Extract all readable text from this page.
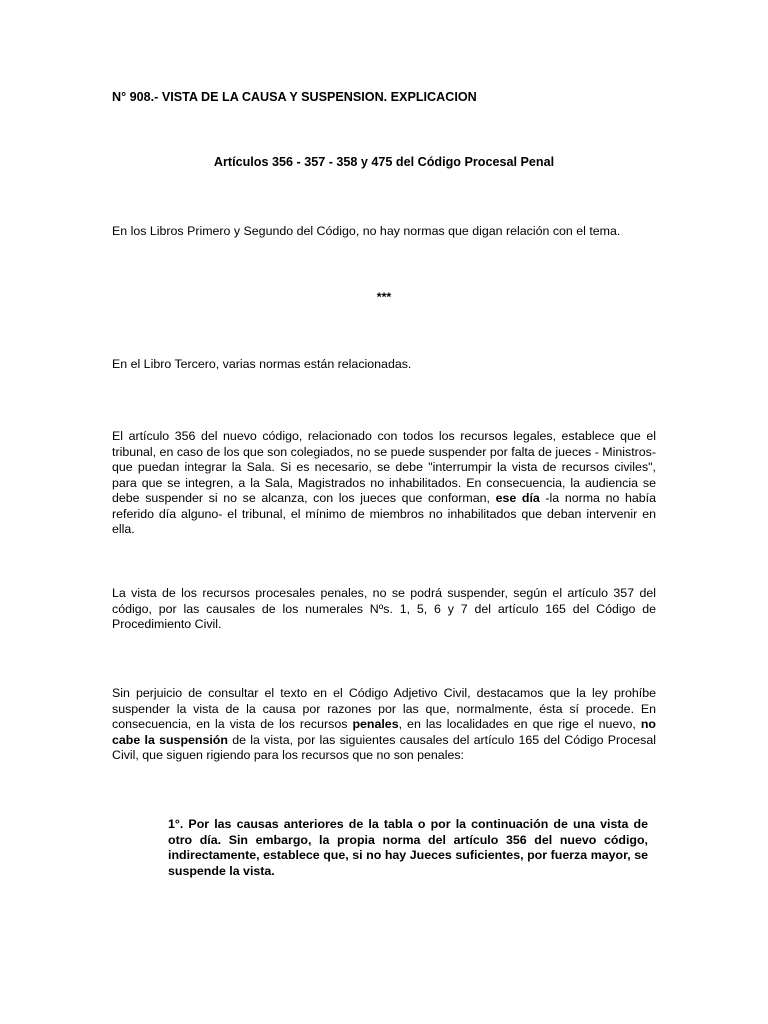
N° 908.- VISTA DE LA CAUSA Y SUSPENSION. EXPLICACION

Artículos 356 - 357 - 358 y 475 del Código Procesal Penal

En los Libros Primero y Segundo del Código, no hay normas que digan relación con el tema.

***

En el Libro Tercero, varias normas están relacionadas.

El artículo 356 del nuevo código, relacionado con todos los recursos legales, establece que el tribunal, en caso de los que son colegiados, no se puede suspender por falta de jueces - Ministros- que puedan integrar la Sala. Si es necesario, se debe "interrumpir la vista de recursos civiles", para que se integren, a la Sala, Magistrados no inhabilitados. En consecuencia, la audiencia se debe suspender si no se alcanza, con los jueces que conforman, ese día -la norma no había referido día alguno- el tribunal, el mínimo de miembros no inhabilitados que deban intervenir en ella.

La vista de los recursos procesales penales, no se podrá suspender, según el artículo 357 del código, por las causales de los numerales Nºs. 1, 5, 6 y 7 del artículo 165 del Código de Procedimiento Civil.

Sin perjuicio de consultar el texto en el Código Adjetivo Civil, destacamos que la ley prohíbe suspender la vista de la causa por razones por las que, normalmente, ésta sí procede. En consecuencia, en la vista de los recursos penales, en las localidades en que rige el nuevo, no cabe la suspensión de la vista, por las siguientes causales del artículo 165 del Código Procesal Civil, que siguen rigiendo para los recursos que no son penales:

1°. Por las causas anteriores de la tabla o por la continuación de una vista de otro día. Sin embargo, la propia norma del artículo 356 del nuevo código, indirectamente, establece que, si no hay Jueces suficientes, por fuerza mayor, se suspende la vista.
